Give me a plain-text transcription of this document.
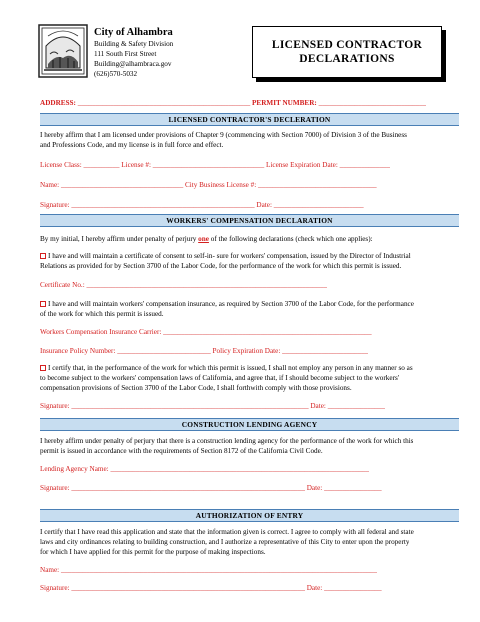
City of Alhambra
Building & Safety Division
111 South First Street
Building@alhambraca.gov
(626)570-5032
LICENSED CONTRACTOR
DECLARATIONS
ADDRESS: ________________________________________________ PERMIT NUMBER: ______________________________
LICENSED CONTRACTOR'S DECLERATION
I hereby affirm that I am licensed under provisions of Chapter 9 (commencing with Section 7000) of Division 3 of the Business
and Professions Code, and my license is in full force and effect.
License Class: __________ License #: _______________________________ License Expiration Date: ______________
Name: __________________________________ City Business License #: _________________________________
Signature: ___________________________________________________ Date: _________________________
WORKERS' COMPENSATION DECLARATION
By my initial, I hereby affirm under penalty of perjury one of the following declarations (check which one applies):
I have and will maintain a certificate of consent to self-in- sure for workers' compensation, issued by the Director of Industrial
Relations as provided for by Section 3700 of the Labor Code, for the performance of the work for which this permit is issued.
Certificate No.: ___________________________________________________________________
I have and will maintain workers' compensation insurance, as required by Section 3700 of the Labor Code, for the performance
of the work for which this permit is issued.
Workers Compensation Insurance Carrier: __________________________________________________________
Insurance Policy Number: __________________________ Policy Expiration Date: ________________________
I certify that, in the performance of the work for which this permit is issued, I shall not employ any person in any manner so as
to become subject to the workers' compensation laws of California, and agree that, if I should become subject to the workers'
compensation provisions of Section 3700 of the Labor Code, I shall forthwith comply with those provisions.
Signature: __________________________________________________________________ Date: ________________
CONSTRUCTION LENDING AGENCY
I hereby affirm under penalty of perjury that there is a construction lending agency for the performance of the work for which this
permit is issued in accordance with the requirements of Section 8172 of the California Civil Code.
Lending Agency Name: ________________________________________________________________________
Signature: _________________________________________________________________ Date: ________________
AUTHORIZATION OF ENTRY
I certify that I have read this application and state that the information given is correct. I agree to comply with all federal and state
laws and city ordinances relating to building construction, and I authorize a representative of this City to enter upon the property
for which I have applied for this permit for the purpose of making inspections.
Name: ________________________________________________________________________________________
Signature: _________________________________________________________________ Date: ________________
